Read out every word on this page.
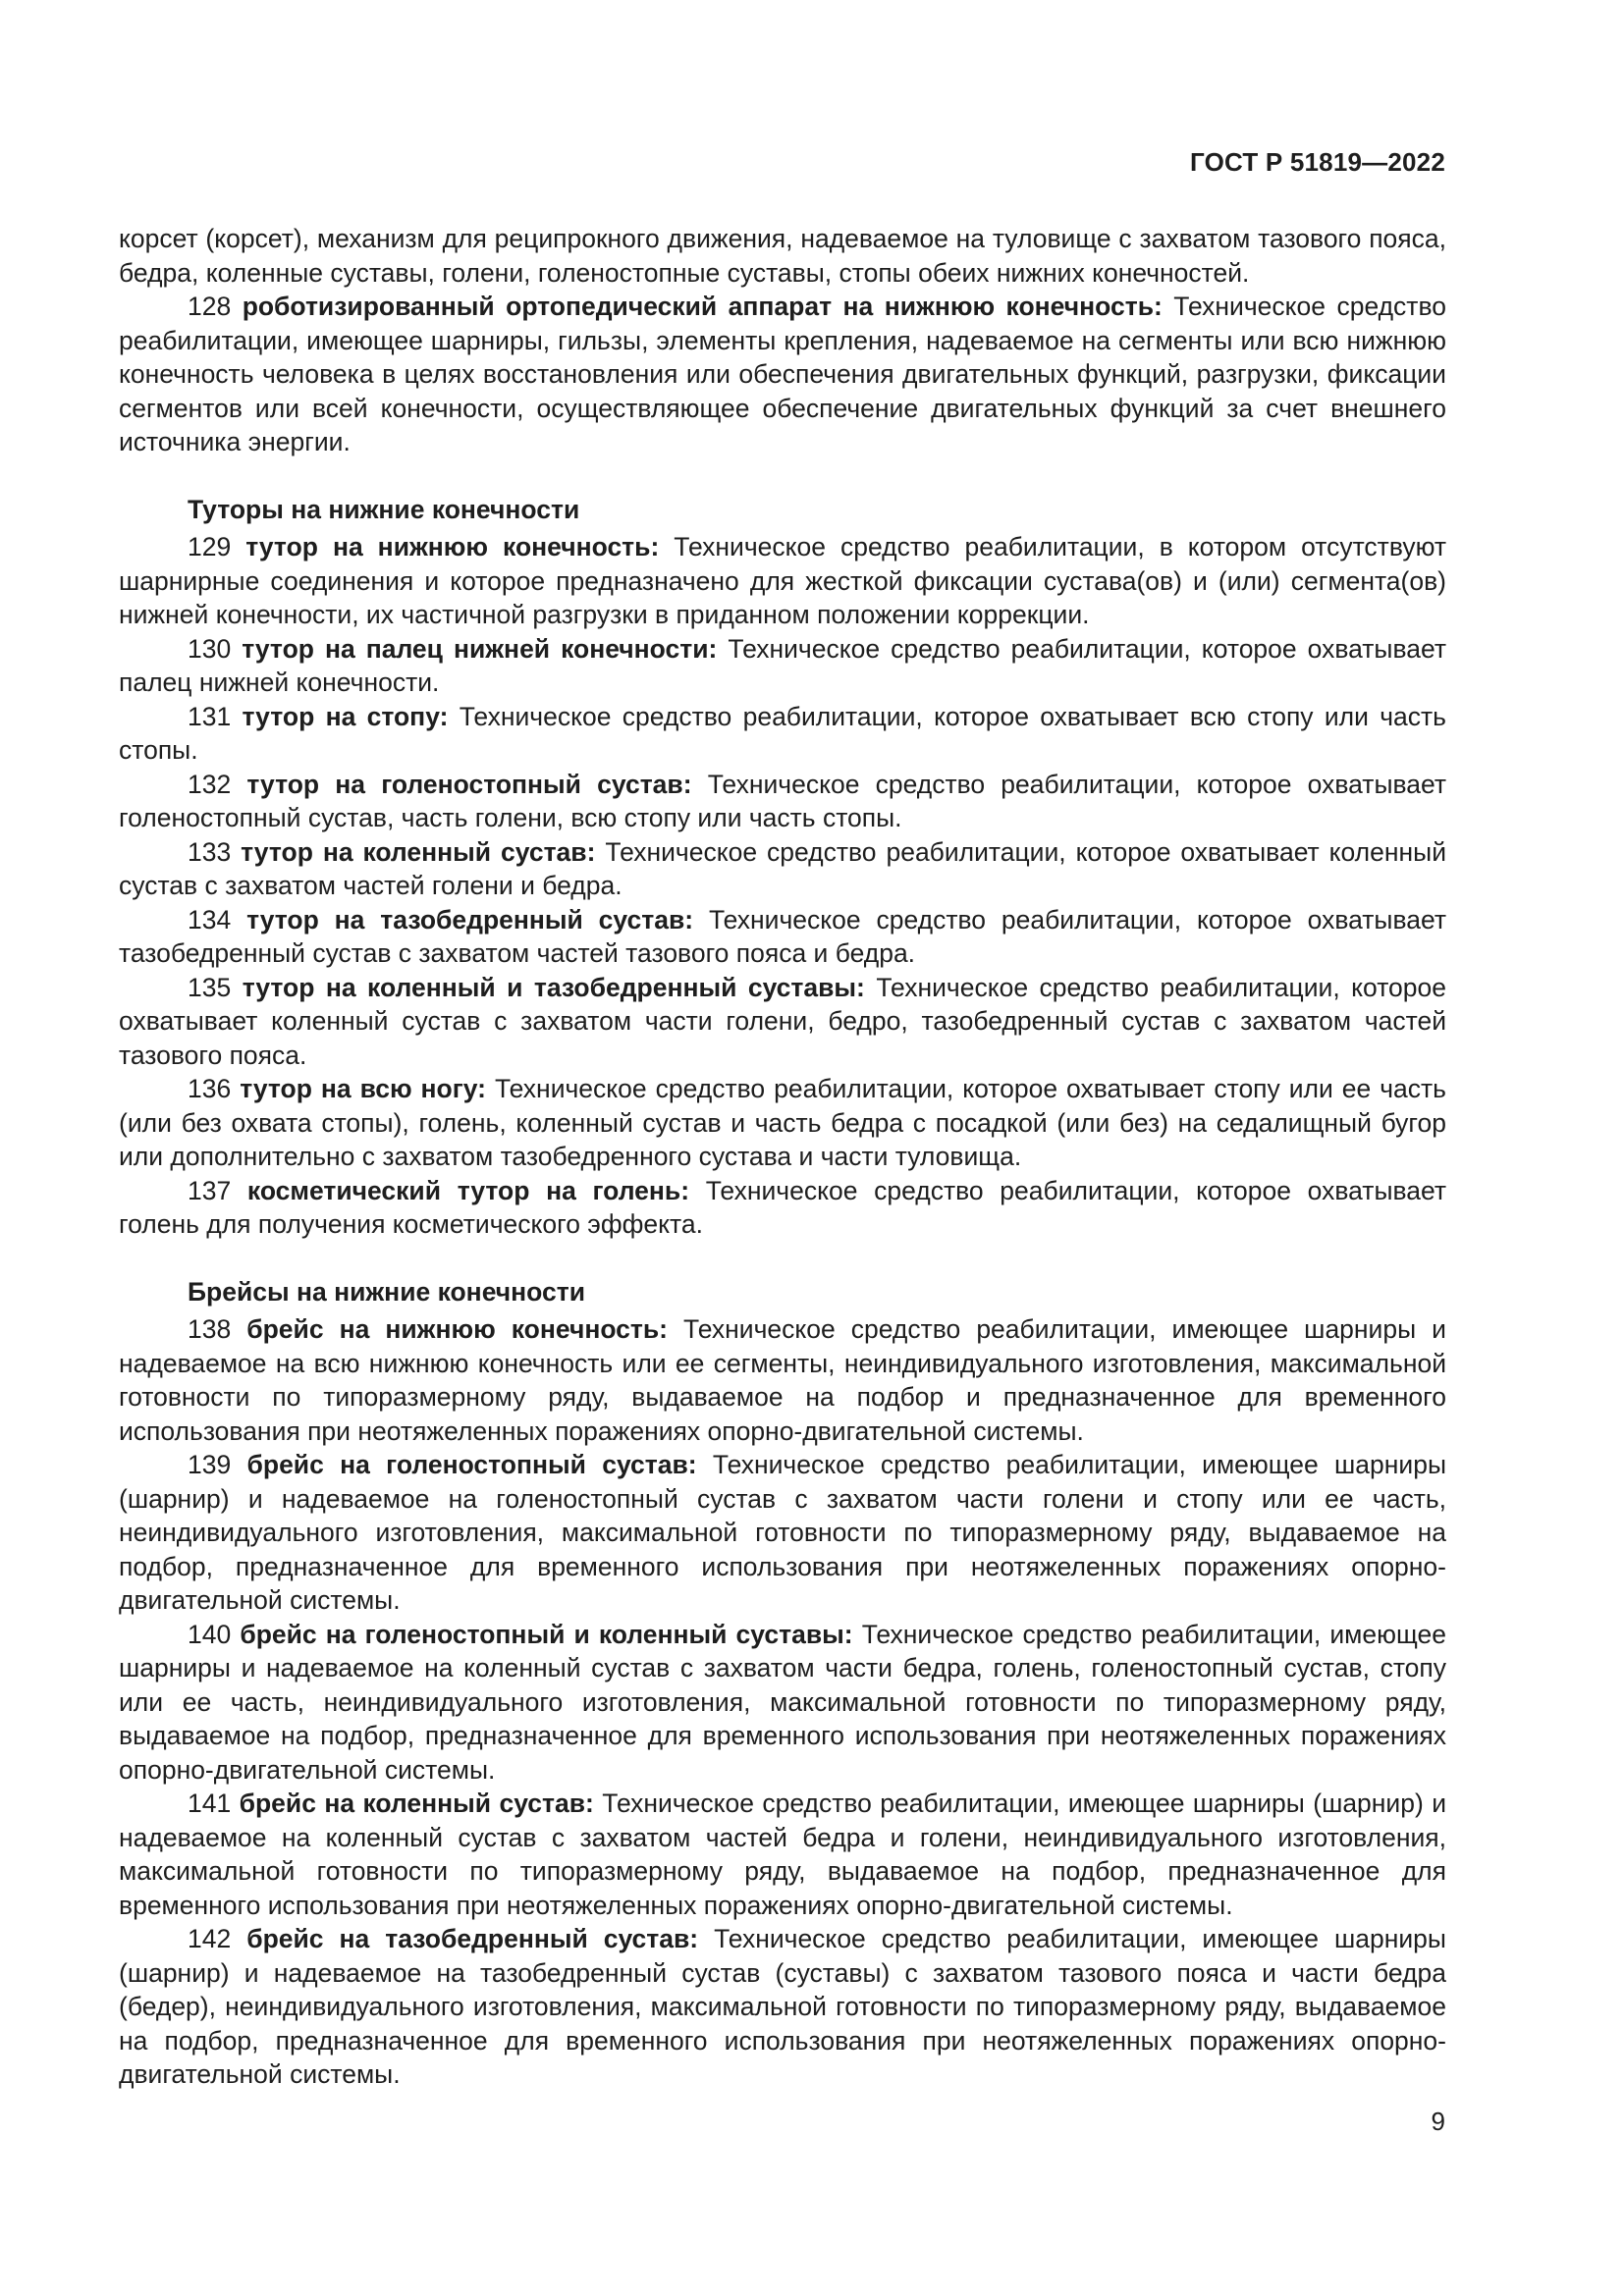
ГОСТ Р 51819—2022

корсет (корсет), механизм для реципрокного движения, надеваемое на туловище с захватом тазового пояса, бедра, коленные суставы, голени, голеностопные суставы, стопы обеих нижних конечностей.

128 роботизированный ортопедический аппарат на нижнюю конечность: Техническое средство реабилитации, имеющее шарниры, гильзы, элементы крепления, надеваемое на сегменты или всю нижнюю конечность человека в целях восстановления или обеспечения двигательных функций, разгрузки, фиксации сегментов или всей конечности, осуществляющее обеспечение двигательных функций за счет внешнего источника энергии.

Туторы на нижние конечности

129 тутор на нижнюю конечность: Техническое средство реабилитации, в котором отсутствуют шарнирные соединения и которое предназначено для жесткой фиксации сустава(ов) и (или) сегмента(ов) нижней конечности, их частичной разгрузки в приданном положении коррекции.

130 тутор на палец нижней конечности: Техническое средство реабилитации, которое охватывает палец нижней конечности.

131 тутор на стопу: Техническое средство реабилитации, которое охватывает всю стопу или часть стопы.

132 тутор на голеностопный сустав: Техническое средство реабилитации, которое охватывает голеностопный сустав, часть голени, всю стопу или часть стопы.

133 тутор на коленный сустав: Техническое средство реабилитации, которое охватывает коленный сустав с захватом частей голени и бедра.

134 тутор на тазобедренный сустав: Техническое средство реабилитации, которое охватывает тазобедренный сустав с захватом частей тазового пояса и бедра.

135 тутор на коленный и тазобедренный суставы: Техническое средство реабилитации, которое охватывает коленный сустав с захватом части голени, бедро, тазобедренный сустав с захватом частей тазового пояса.

136 тутор на всю ногу: Техническое средство реабилитации, которое охватывает стопу или ее часть (или без охвата стопы), голень, коленный сустав и часть бедра с посадкой (или без) на седалищный бугор или дополнительно с захватом тазобедренного сустава и части туловища.

137 косметический тутор на голень: Техническое средство реабилитации, которое охватывает голень для получения косметического эффекта.

Брейсы на нижние конечности

138 брейс на нижнюю конечность: Техническое средство реабилитации, имеющее шарниры и надеваемое на всю нижнюю конечность или ее сегменты, неиндивидуального изготовления, максимальной готовности по типоразмерному ряду, выдаваемое на подбор и предназначенное для временного использования при неотяжеленных поражениях опорно-двигательной системы.

139 брейс на голеностопный сустав: Техническое средство реабилитации, имеющее шарниры (шарнир) и надеваемое на голеностопный сустав с захватом части голени и стопу или ее часть, неиндивидуального изготовления, максимальной готовности по типоразмерному ряду, выдаваемое на подбор, предназначенное для временного использования при неотяжеленных поражениях опорно-двигательной системы.

140 брейс на голеностопный и коленный суставы: Техническое средство реабилитации, имеющее шарниры и надеваемое на коленный сустав с захватом части бедра, голень, голеностопный сустав, стопу или ее часть, неиндивидуального изготовления, максимальной готовности по типоразмерному ряду, выдаваемое на подбор, предназначенное для временного использования при неотяжеленных поражениях опорно-двигательной системы.

141 брейс на коленный сустав: Техническое средство реабилитации, имеющее шарниры (шарнир) и надеваемое на коленный сустав с захватом частей бедра и голени, неиндивидуального изготовления, максимальной готовности по типоразмерному ряду, выдаваемое на подбор, предназначенное для временного использования при неотяжеленных поражениях опорно-двигательной системы.

142 брейс на тазобедренный сустав: Техническое средство реабилитации, имеющее шарниры (шарнир) и надеваемое на тазобедренный сустав (суставы) с захватом тазового пояса и части бедра (бедер), неиндивидуального изготовления, максимальной готовности по типоразмерному ряду, выдаваемое на подбор, предназначенное для временного использования при неотяжеленных поражениях опорно-двигательной системы.

9
